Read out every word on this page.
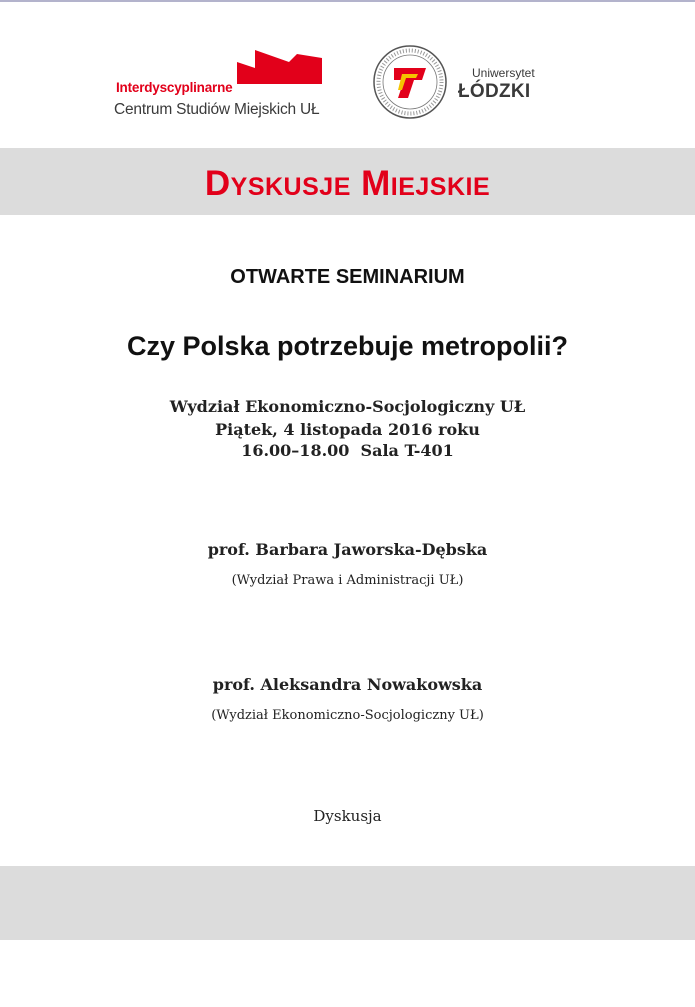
Interdyscyplinarne
Centrum Studiów Miejskich UŁ
Uniwersytet
ŁÓDZKI
Dyskusje Miejskie
OTWARTE SEMINARIUM
Czy Polska potrzebuje metropolii?
Wydział Ekonomiczno-Socjologiczny UŁ
Piątek, 4 listopada 2016 roku
16.00–18.00  Sala T-401
prof. Barbara Jaworska-Dębska
(Wydział Prawa i Administracji UŁ)
prof. Aleksandra Nowakowska
(Wydział Ekonomiczno-Socjologiczny UŁ)
Dyskusja
